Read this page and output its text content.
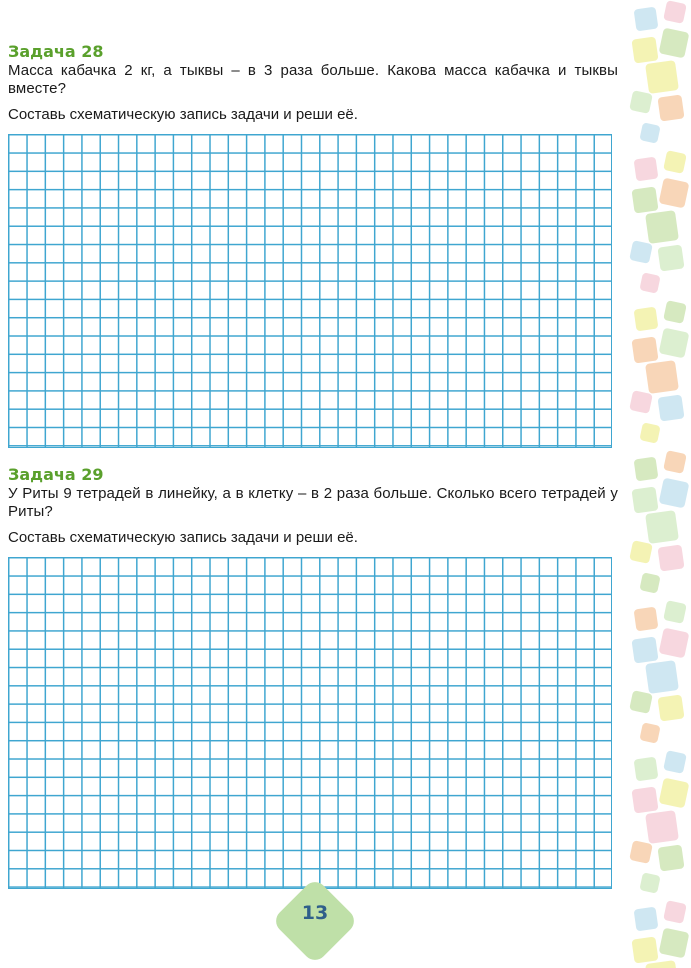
Задача 28

Масса кабачка 2 кг, а тыквы – в 3 раза больше. Какова масса кабачка и тыквы вместе?

Составь схематическую запись задачи и реши её.

Задача 29

У Риты 9 тетрадей в линейку, а в клетку – в 2 раза больше. Сколько всего тетрадей у Риты?

Составь схематическую запись задачи и реши её.

13
